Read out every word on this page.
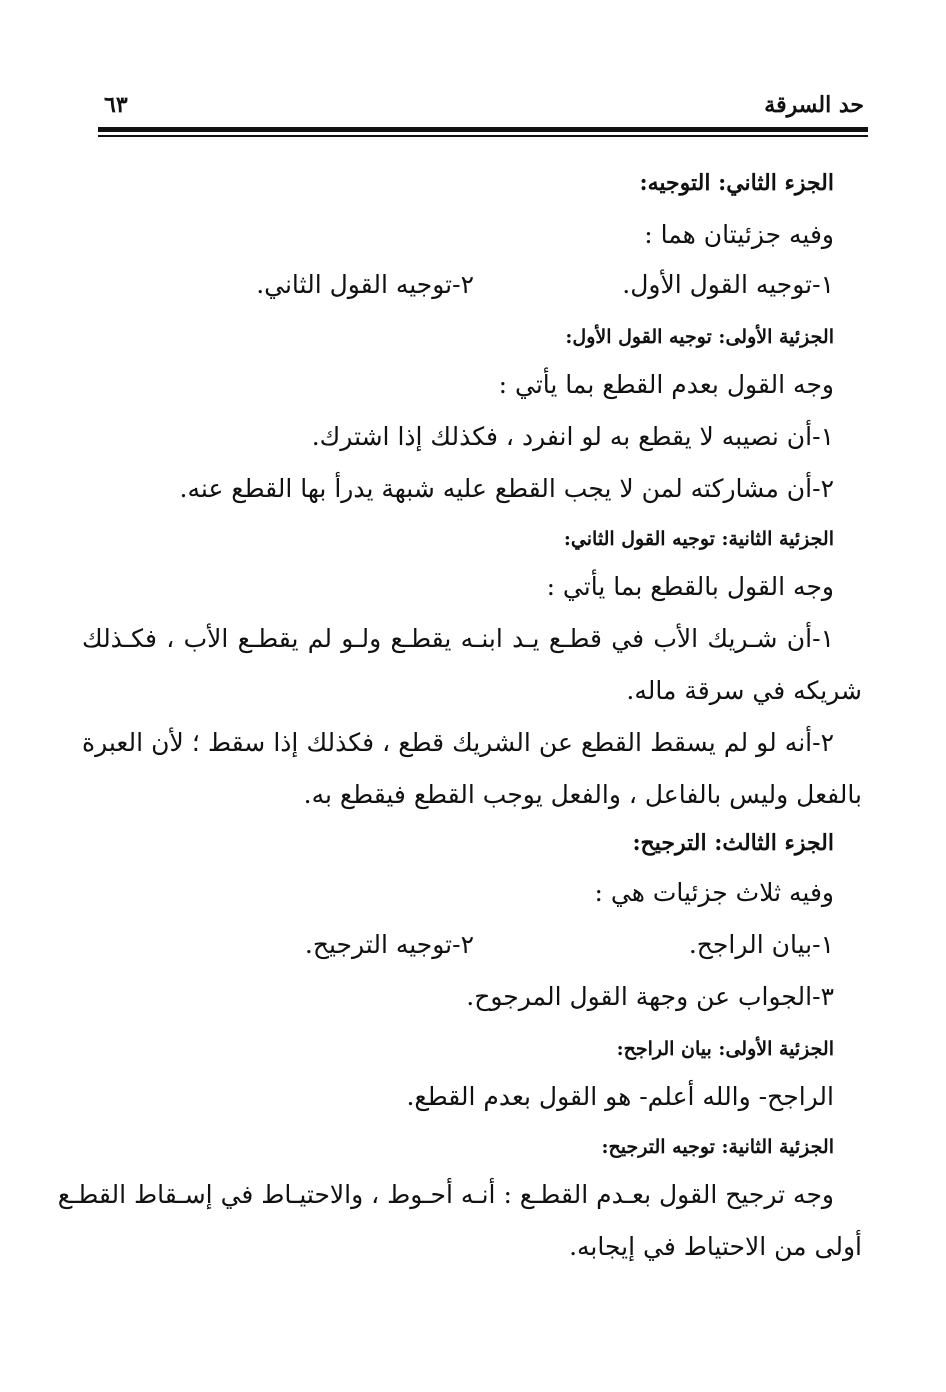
حد السرقة
٦٣
الجزء الثاني: التوجيه:
وفيه جزئيتان هما :
١-توجيه القول الأول.
٢-توجيه القول الثاني.
الجزئية الأولى: توجيه القول الأول:
وجه القول بعدم القطع بما يأتي :
١-أن نصيبه لا يقطع به لو انفرد ، فكذلك إذا اشترك.
٢-أن مشاركته لمن لا يجب القطع عليه شبهة يدرأ بها القطع عنه.
الجزئية الثانية: توجيه القول الثاني:
وجه القول بالقطع بما يأتي :
١-أن شـريك الأب في قطـع يـد ابنـه يقطـع ولـو لم يقطـع الأب ، فكـذلك
شريكه في سرقة ماله.
٢-أنه لو لم يسقط القطع عن الشريك قطع ، فكذلك إذا سقط ؛ لأن العبرة
بالفعل وليس بالفاعل ، والفعل يوجب القطع فيقطع به.
الجزء الثالث: الترجيح:
وفيه ثلاث جزئيات هي :
١-بيان الراجح.
٢-توجيه الترجيح.
٣-الجواب عن وجهة القول المرجوح.
الجزئية الأولى: بيان الراجح:
الراجح- والله أعلم- هو القول بعدم القطع.
الجزئية الثانية: توجيه الترجيح:
وجه ترجيح القول بعـدم القطـع : أنـه أحـوط ، والاحتيـاط في إسـقاط القطـع
أولى من الاحتياط في إيجابه.
